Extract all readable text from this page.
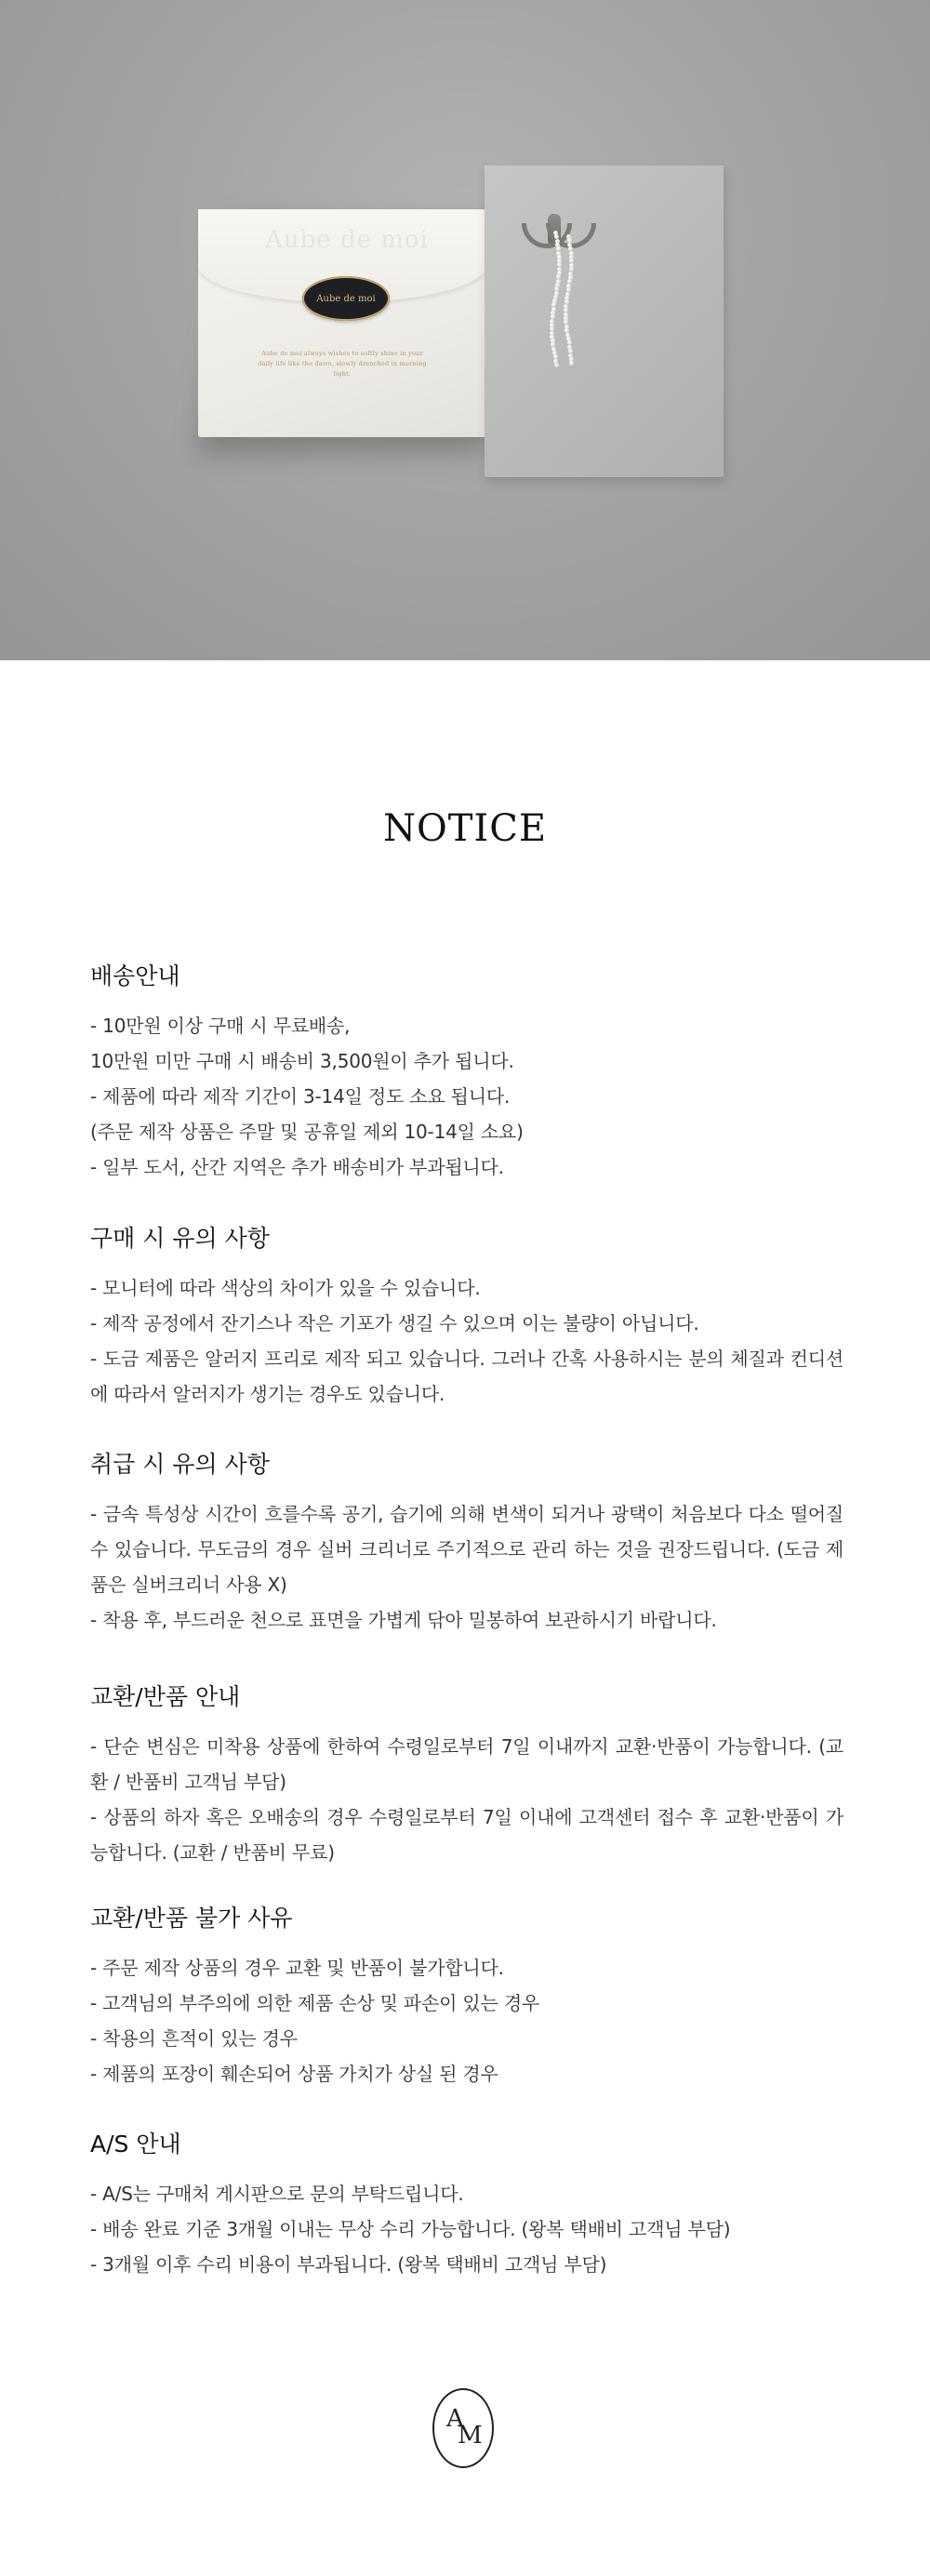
Aube de moi
Aube de moi
Aube de moi always wishes to softly shine in your daily life like the dawn, slowly drenched in morning light.
NOTICE
배송안내
- 10만원 이상 구매 시 무료배송,
10만원 미만 구매 시 배송비 3,500원이 추가 됩니다.
- 제품에 따라 제작 기간이 3-14일 정도 소요 됩니다.
(주문 제작 상품은 주말 및 공휴일 제외 10-14일 소요)
- 일부 도서, 산간 지역은 추가 배송비가 부과됩니다.
구매 시 유의 사항
- 모니터에 따라 색상의 차이가 있을 수 있습니다.
- 제작 공정에서 잔기스나 작은 기포가 생길 수 있으며 이는 불량이 아닙니다.
- 도금 제품은 알러지 프리로 제작 되고 있습니다. 그러나 간혹 사용하시는 분의 체질과 컨디션에 따라서 알러지가 생기는 경우도 있습니다.
취급 시 유의 사항
- 금속 특성상 시간이 흐를수록 공기, 습기에 의해 변색이 되거나 광택이 처음보다 다소 떨어질 수 있습니다. 무도금의 경우 실버 크리너로 주기적으로 관리 하는 것을 권장드립니다. (도금 제품은 실버크리너 사용 X)
- 착용 후, 부드러운 천으로 표면을 가볍게 닦아 밀봉하여 보관하시기 바랍니다.
교환/반품 안내
- 단순 변심은 미착용 상품에 한하여 수령일로부터 7일 이내까지 교환·반품이 가능합니다. (교환 / 반품비 고객님 부담)
- 상품의 하자 혹은 오배송의 경우 수령일로부터 7일 이내에 고객센터 접수 후 교환·반품이 가능합니다. (교환 / 반품비 무료)
교환/반품 불가 사유
- 주문 제작 상품의 경우 교환 및 반품이 불가합니다.
- 고객님의 부주의에 의한 제품 손상 및 파손이 있는 경우
- 착용의 흔적이 있는 경우
- 제품의 포장이 훼손되어 상품 가치가 상실 된 경우
A/S 안내
- A/S는 구매처 게시판으로 문의 부탁드립니다.
- 배송 완료 기준 3개월 이내는 무상 수리 가능합니다. (왕복 택배비 고객님 부담)
- 3개월 이후 수리 비용이 부과됩니다. (왕복 택배비 고객님 부담)
A
M
